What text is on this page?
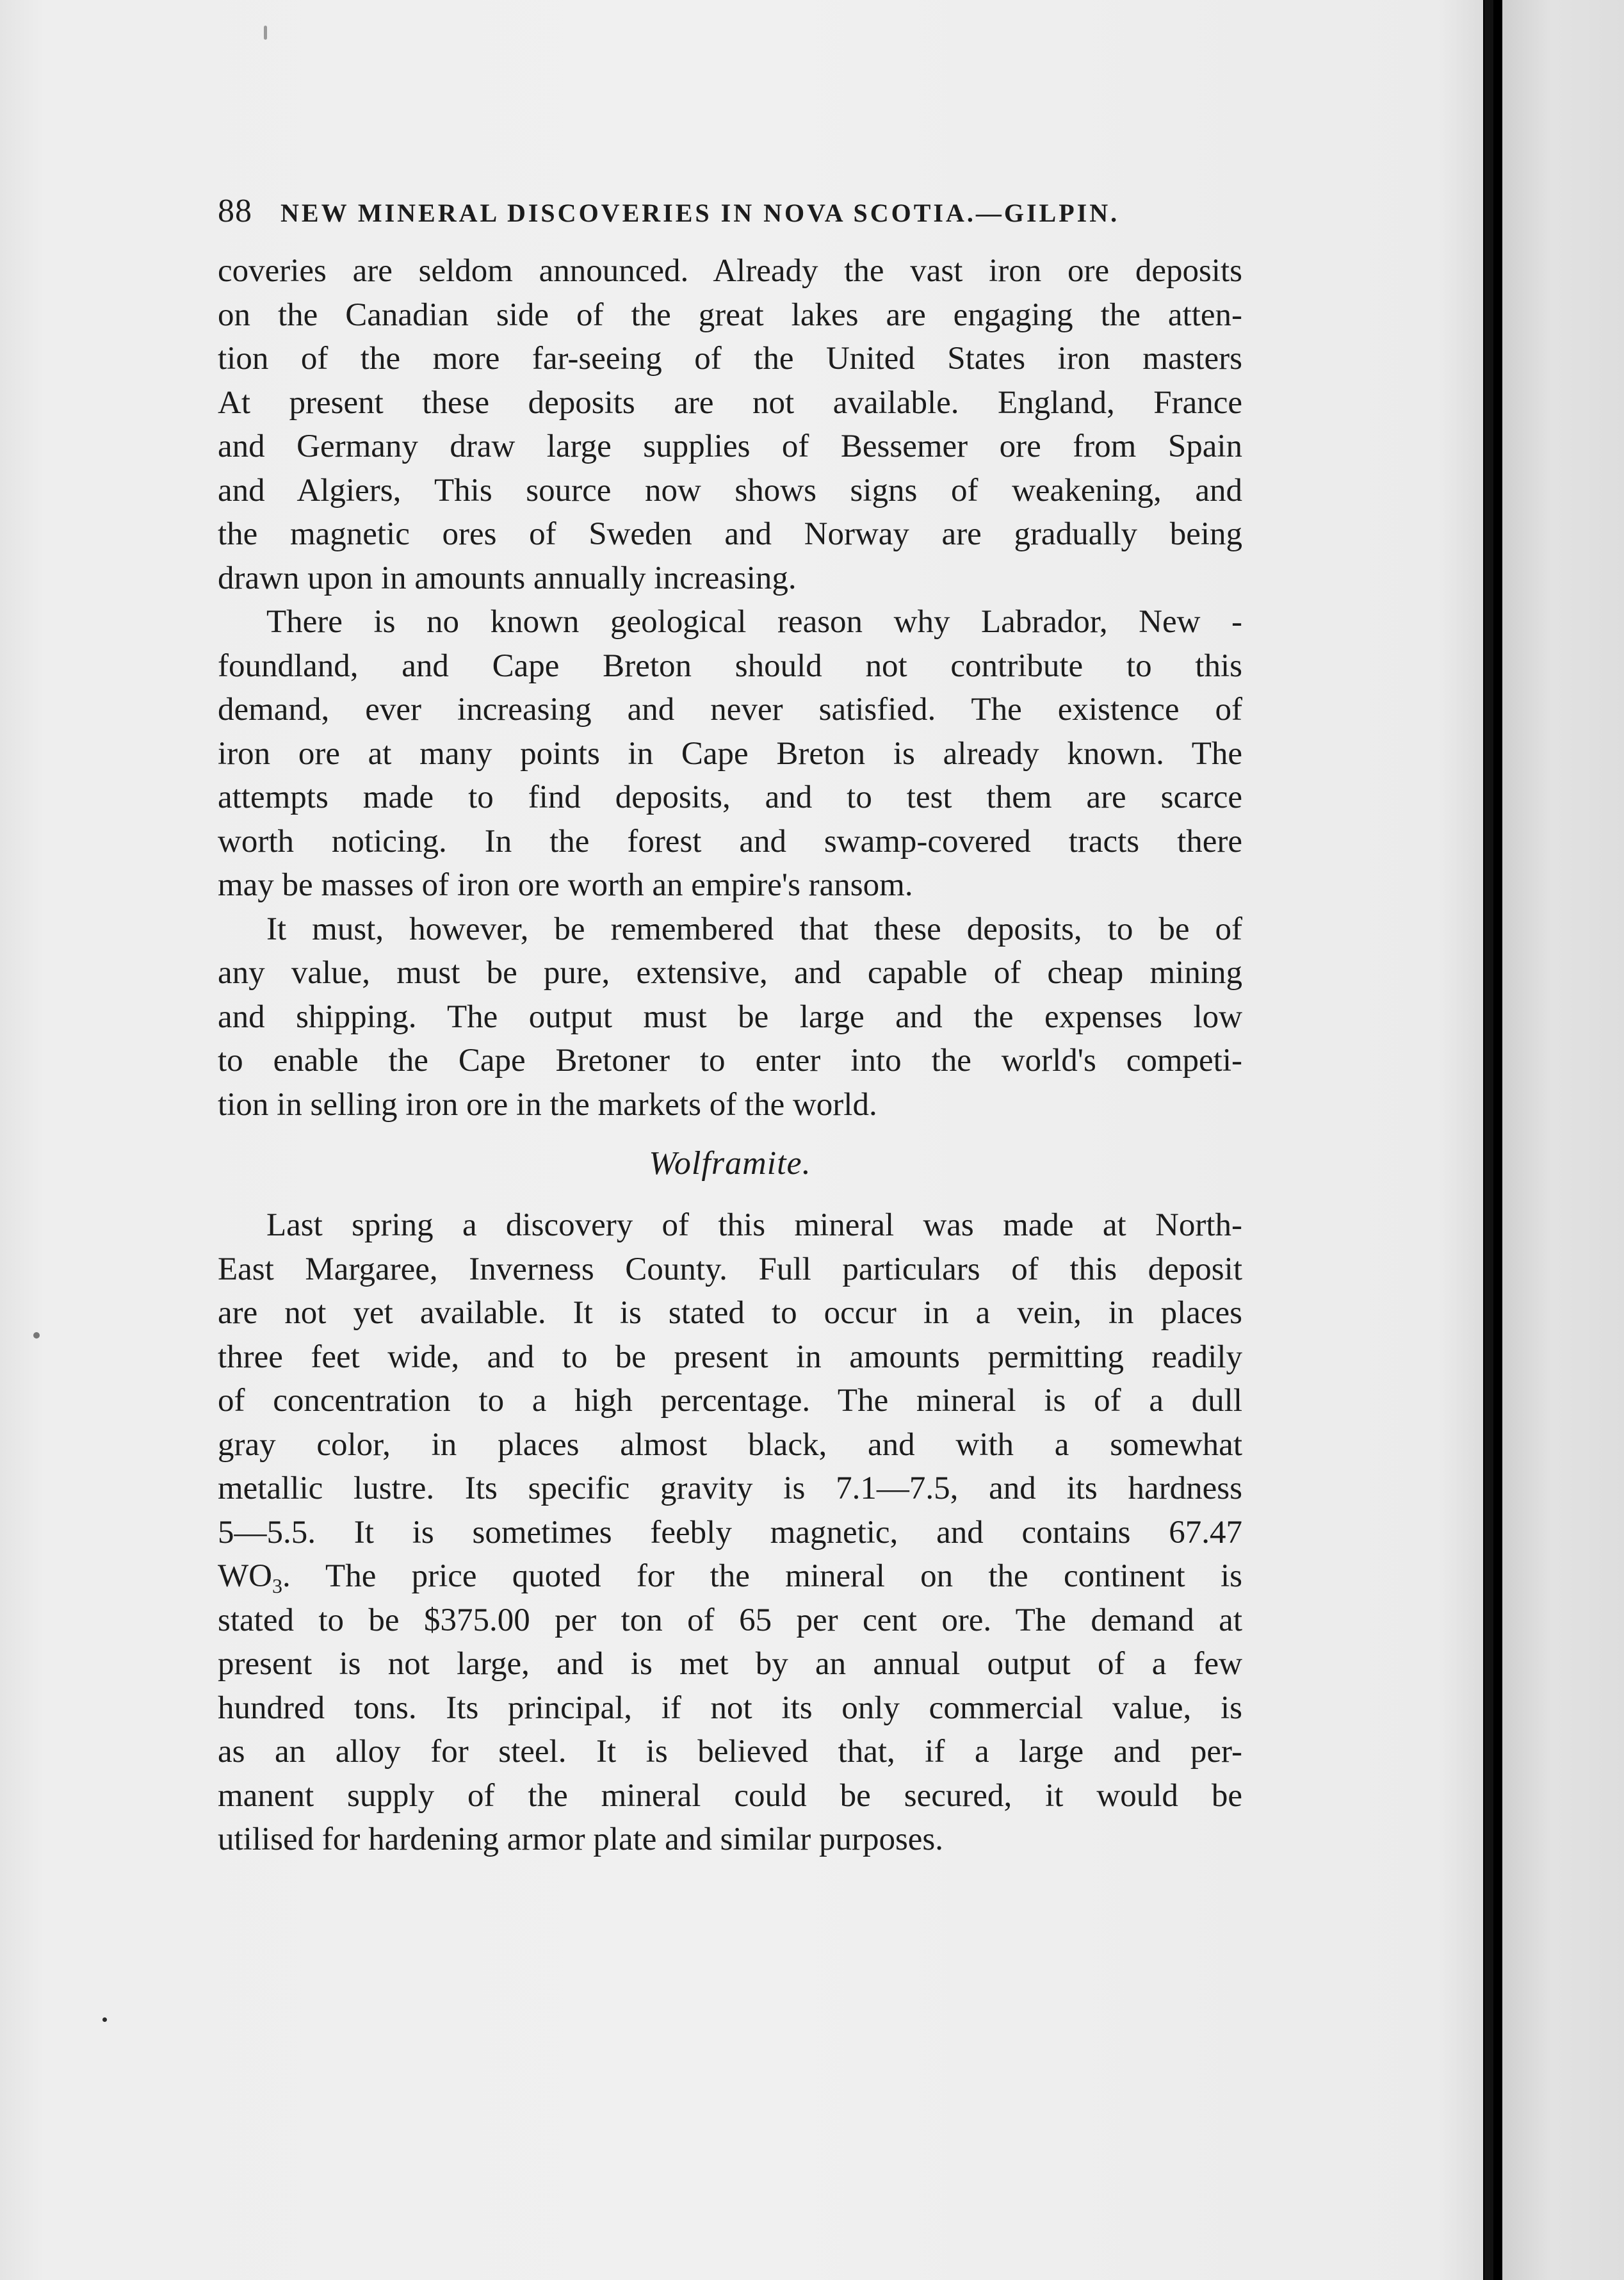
88 NEW MINERAL DISCOVERIES IN NOVA SCOTIA.—GILPIN.
coveries are seldom announced. Already the vast iron ore deposits
on the Canadian side of the great lakes are engaging the atten-
tion of the more far-seeing of the United States iron masters
At present these deposits are not available. England, France
and Germany draw large supplies of Bessemer ore from Spain
and Algiers, This source now shows signs of weakening, and
the magnetic ores of Sweden and Norway are gradually being
drawn upon in amounts annually increasing.
There is no known geological reason why Labrador, New -
foundland, and Cape Breton should not contribute to this
demand, ever increasing and never satisfied. The existence of
iron ore at many points in Cape Breton is already known. The
attempts made to find deposits, and to test them are scarce
worth noticing. In the forest and swamp-covered tracts there
may be masses of iron ore worth an empire's ransom.
It must, however, be remembered that these deposits, to be of
any value, must be pure, extensive, and capable of cheap mining
and shipping. The output must be large and the expenses low
to enable the Cape Bretoner to enter into the world's competi-
tion in selling iron ore in the markets of the world.
Wolframite.
Last spring a discovery of this mineral was made at North-
East Margaree, Inverness County. Full particulars of this deposit
are not yet available. It is stated to occur in a vein, in places
three feet wide, and to be present in amounts permitting readily
of concentration to a high percentage. The mineral is of a dull
gray color, in places almost black, and with a somewhat
metallic lustre. Its specific gravity is 7.1—7.5, and its hardness
5—5.5. It is sometimes feebly magnetic, and contains 67.47
$WO_3$. The price quoted for the mineral on the continent is
stated to be $375.00 per ton of 65 per cent ore. The demand at
present is not large, and is met by an annual output of a few
hundred tons. Its principal, if not its only commercial value, is
as an alloy for steel. It is believed that, if a large and per-
manent supply of the mineral could be secured, it would be
utilised for hardening armor plate and similar purposes.
